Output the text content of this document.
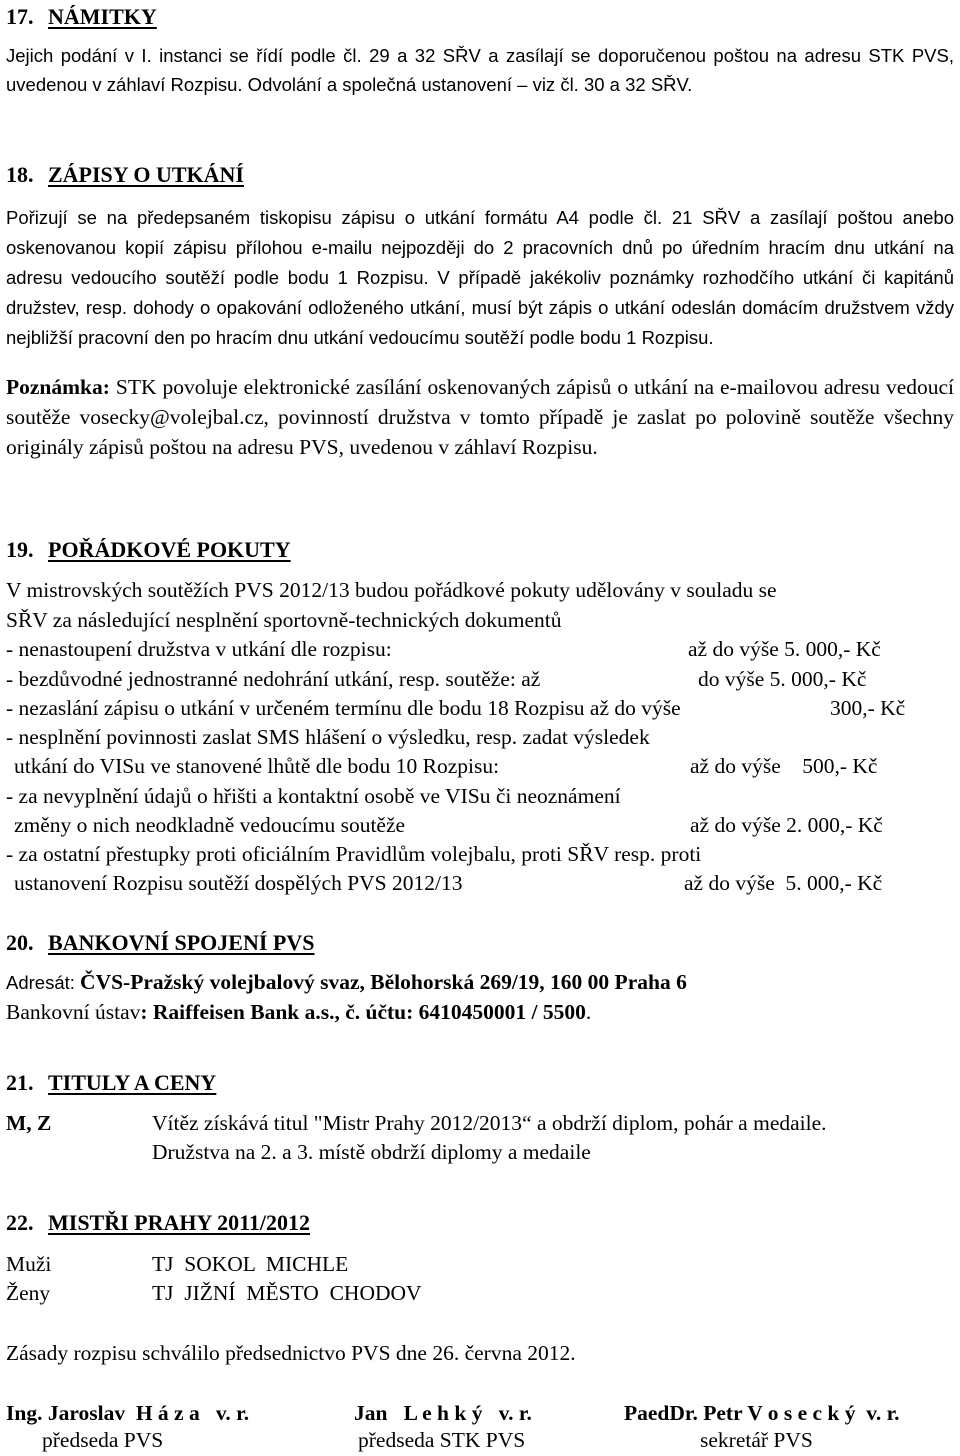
17. NÁMITKY
Jejich podání v I. instanci se řídí podle čl. 29 a 32 SŘV a zasílají se doporučenou poštou na adresu STK PVS, uvedenou v záhlaví Rozpisu. Odvolání a společná ustanovení – viz čl. 30 a 32 SŘV.
18. ZÁPISY O UTKÁNÍ
Pořizují se na předepsaném tiskopisu zápisu o utkání formátu A4 podle čl. 21 SŘV a zasílají poštou anebo oskenovanou kopií zápisu přílohou e-mailu nejpozději do 2 pracovních dnů po úředním hracím dnu utkání na adresu vedoucího soutěží podle bodu 1 Rozpisu. V případě jakékoliv poznámky rozhodčího utkání či kapitánů družstev, resp. dohody o opakování odloženého utkání, musí být zápis o utkání odeslán domácím družstvem vždy nejbližší pracovní den po hracím dnu utkání vedoucímu soutěží podle bodu 1 Rozpisu.
Poznámka: STK povoluje elektronické zasílání oskenovaných zápisů o utkání na e-mailovou adresu vedoucí soutěže vosecky@volejbal.cz, povinností družstva v tomto případě je zaslat po polovině soutěže všechny originály zápisů poštou na adresu PVS, uvedenou v záhlaví Rozpisu.
19. POŘÁDKOVÉ POKUTY
V mistrovských soutěžích PVS 2012/13 budou pořádkové pokuty udělovány v souladu se
SŘV za následující nesplnění sportovně-technických dokumentů
- nenastoupení družstva v utkání dle rozpisu:	až do výše 5. 000,- Kč
- bezdůvodné jednostranné nedohrání utkání, resp. soutěže: až	do výše 5. 000,- Kč
- nezaslání zápisu o utkání v určeném termínu dle bodu 18 Rozpisu až do výše	300,- Kč
- nesplnění povinnosti zaslat SMS hlášení o výsledku, resp. zadat výsledek
utkání do VISu ve stanovené lhůtě dle bodu 10 Rozpisu:	až do výše    500,- Kč
- za nevyplnění údajů o hřišti a kontaktní osobě ve VISu či neoznámení
změny o nich neodkladně vedoucímu soutěže	až do výše 2. 000,- Kč
- za ostatní přestupky proti oficiálním Pravidlům volejbalu, proti SŘV resp. proti
ustanovení Rozpisu soutěží dospělých PVS 2012/13	až do výše  5. 000,- Kč
20. BANKOVNÍ SPOJENÍ PVS
Adresát: ČVS-Pražský volejbalový svaz, Bělohorská 269/19, 160 00 Praha 6
Bankovní ústav: Raiffeisen Bank a.s., č. účtu: 6410450001 / 5500.
21. TITULY A CENY
M, Z	Vítěz získává titul "Mistr Prahy 2012/2013“ a obdrží diplom, pohár a medaile.
Družstva na 2. a 3. místě obdrží diplomy a medaile
22. MISTŘI PRAHY 2011/2012
Muži	TJ  SOKOL  MICHLE
Ženy	TJ  JIŽNÍ  MĚSTO  CHODOV
Zásady rozpisu schválilo předsednictvo PVS dne 26. června 2012.
Ing. Jaroslav  H á z a   v. r.
předseda PVS
Jan   L e h k ý   v. r.
předseda STK PVS
PaedDr. Petr V o s e c k ý  v. r.
sekretář PVS
